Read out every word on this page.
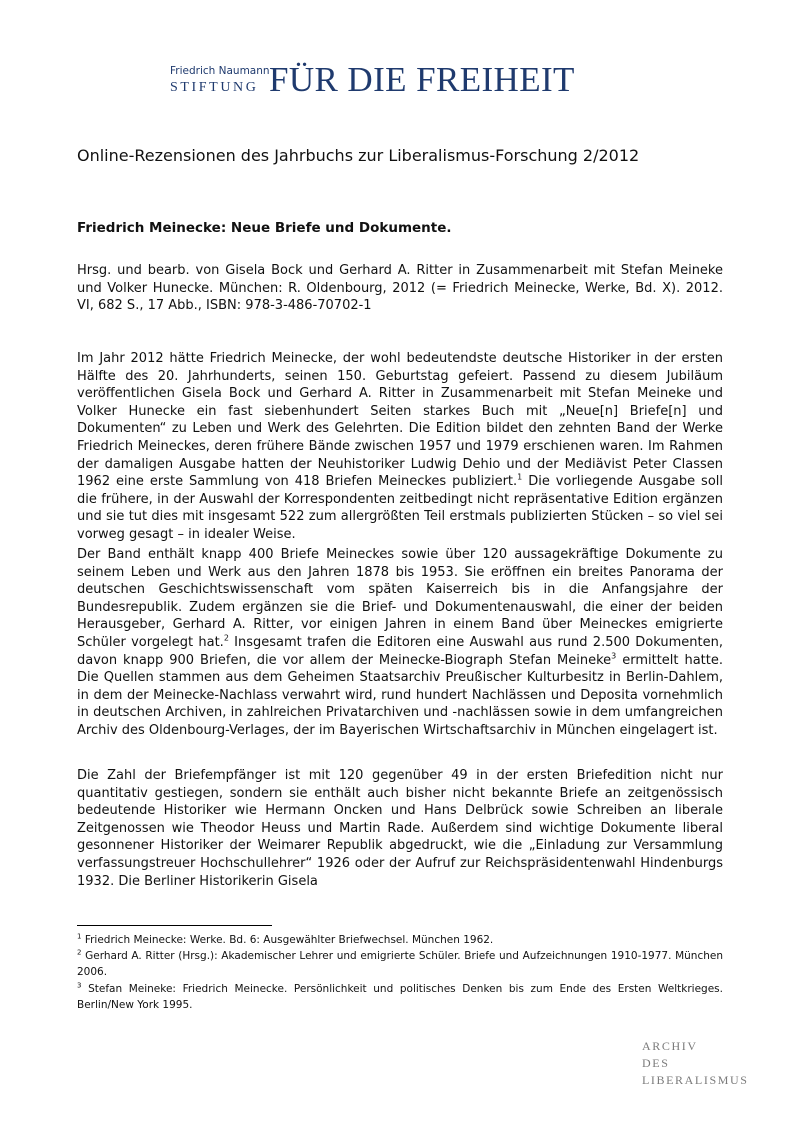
Friedrich Naumann
STIFTUNG FÜR DIE FREIHEIT
Online-Rezensionen des Jahrbuchs zur Liberalismus-Forschung 2/2012
Friedrich Meinecke: Neue Briefe und Dokumente.
Hrsg. und bearb. von Gisela Bock und Gerhard A. Ritter in Zusammenarbeit mit Stefan Meineke und Volker Hunecke. München: R. Oldenbourg, 2012 (= Friedrich Meinecke, Werke, Bd. X). 2012. VI, 682 S., 17 Abb., ISBN: 978-3-486-70702-1
Im Jahr 2012 hätte Friedrich Meinecke, der wohl bedeutendste deutsche Historiker in der ersten Hälfte des 20. Jahrhunderts, seinen 150. Geburtstag gefeiert. Passend zu diesem Jubiläum veröffentlichen Gisela Bock und Gerhard A. Ritter in Zusammenarbeit mit Stefan Meineke und Volker Hunecke ein fast siebenhundert Seiten starkes Buch mit „Neue[n] Briefe[n] und Dokumenten“ zu Leben und Werk des Gelehrten. Die Edition bildet den zehnten Band der Werke Friedrich Meineckes, deren frühere Bände zwischen 1957 und 1979 erschienen waren. Im Rahmen der damaligen Ausgabe hatten der Neuhistoriker Ludwig Dehio und der Mediävist Peter Classen 1962 eine erste Sammlung von 418 Briefen Meineckes publiziert.$^1$ Die vorliegende Ausgabe soll die frühere, in der Auswahl der Korrespondenten zeitbedingt nicht repräsentative Edition ergänzen und sie tut dies mit insgesamt 522 zum allergrößten Teil erstmals publizierten Stücken – so viel sei vorweg gesagt – in idealer Weise.
Der Band enthält knapp 400 Briefe Meineckes sowie über 120 aussagekräftige Dokumente zu seinem Leben und Werk aus den Jahren 1878 bis 1953. Sie eröffnen ein breites Panorama der deutschen Geschichtswissenschaft vom späten Kaiserreich bis in die Anfangsjahre der Bundesrepublik. Zudem ergänzen sie die Brief- und Dokumentenauswahl, die einer der beiden Herausgeber, Gerhard A. Ritter, vor einigen Jahren in einem Band über Meineckes emigrierte Schüler vorgelegt hat.$^2$ Insgesamt trafen die Editoren eine Auswahl aus rund 2.500 Dokumenten, davon knapp 900 Briefen, die vor allem der Meinecke-Biograph Stefan Meineke$^3$ ermittelt hatte. Die Quellen stammen aus dem Geheimen Staatsarchiv Preußischer Kulturbesitz in Berlin-Dahlem, in dem der Meinecke-Nachlass verwahrt wird, rund hundert Nachlässen und Deposita vornehmlich in deutschen Archiven, in zahlreichen Privatarchiven und -nachlässen sowie in dem umfangreichen Archiv des Oldenbourg-Verlages, der im Bayerischen Wirtschaftsarchiv in München eingelagert ist.
Die Zahl der Briefempfänger ist mit 120 gegenüber 49 in der ersten Briefedition nicht nur quantitativ gestiegen, sondern sie enthält auch bisher nicht bekannte Briefe an zeitgenössisch bedeutende Historiker wie Hermann Oncken und Hans Delbrück sowie Schreiben an liberale Zeitgenossen wie Theodor Heuss und Martin Rade. Außerdem sind wichtige Dokumente liberal gesonnener Historiker der Weimarer Republik abgedruckt, wie die „Einladung zur Versammlung verfassungstreuer Hochschullehrer“ 1926 oder der Aufruf zur Reichspräsidentenwahl Hindenburgs 1932. Die Berliner Historikerin Gisela
$^1$ Friedrich Meinecke: Werke. Bd. 6: Ausgewählter Briefwechsel. München 1962.
$^2$ Gerhard A. Ritter (Hrsg.): Akademischer Lehrer und emigrierte Schüler. Briefe und Aufzeichnungen 1910-1977. München 2006.
$^3$ Stefan Meineke: Friedrich Meinecke. Persönlichkeit und politisches Denken bis zum Ende des Ersten Weltkrieges. Berlin/New York 1995.
ARCHIV
DES
LIBERALISMUS
